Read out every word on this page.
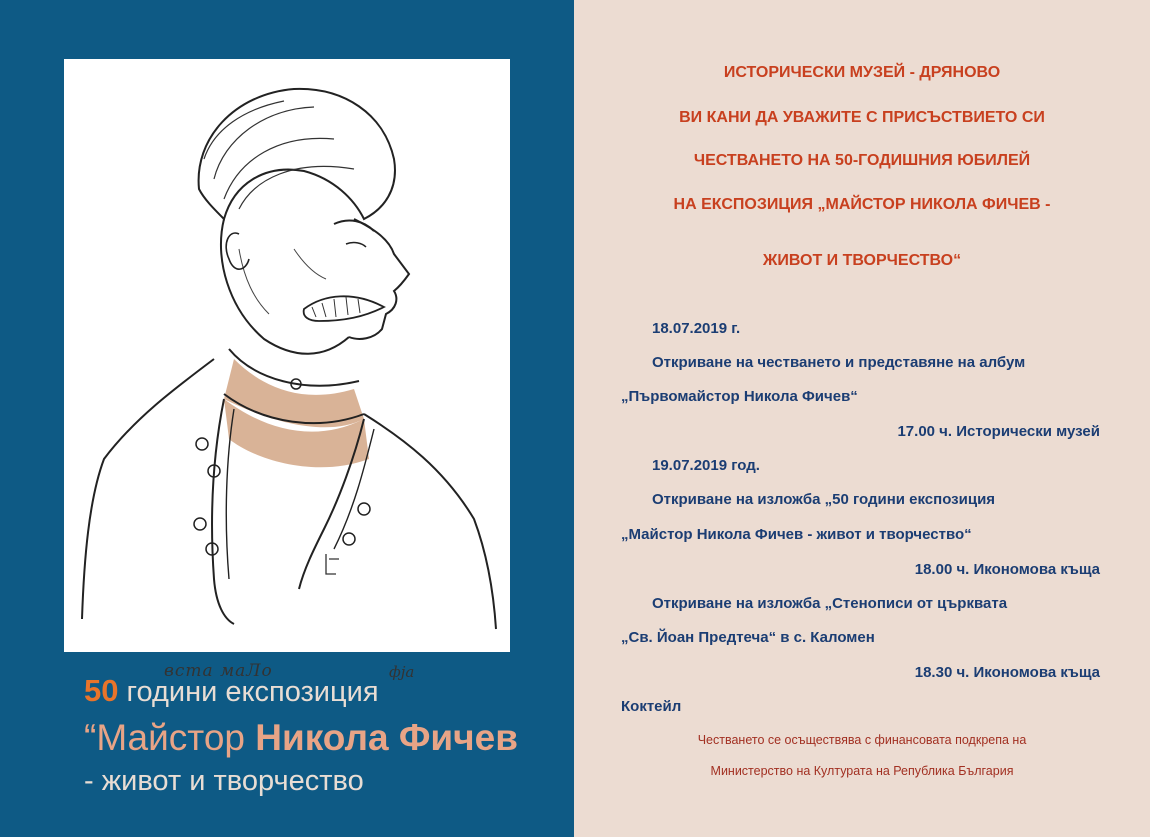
вста маЛо	фја
50 години експозиция
“Майстор Никола Фичев
- живот и творчество
ИСТОРИЧЕСКИ МУЗЕЙ - ДРЯНОВО
ВИ КАНИ ДА УВАЖИТЕ С ПРИСЪСТВИЕТО СИ
ЧЕСТВАНЕТО НА 50-ГОДИШНИЯ ЮБИЛЕЙ
НА ЕКСПОЗИЦИЯ „МАЙСТОР НИКОЛА ФИЧЕВ -
ЖИВОТ И ТВОРЧЕСТВО“
18.07.2019 г.
Откриване на честването и представяне на албум
„Първомайстор Никола Фичев“
17.00 ч. Исторически музей
19.07.2019 год.
Откриване на изложба „50 години експозиция
„Майстор Никола Фичев - живот и творчество“
18.00 ч. Икономова къща
Откриване на изложба „Стенописи от църквата
„Св. Йоан Предтеча“ в с. Каломен
18.30 ч. Икономова къща
Коктейл
Честването се осъществява с финансовата подкрепа на
Министерство на Културата на Република България
